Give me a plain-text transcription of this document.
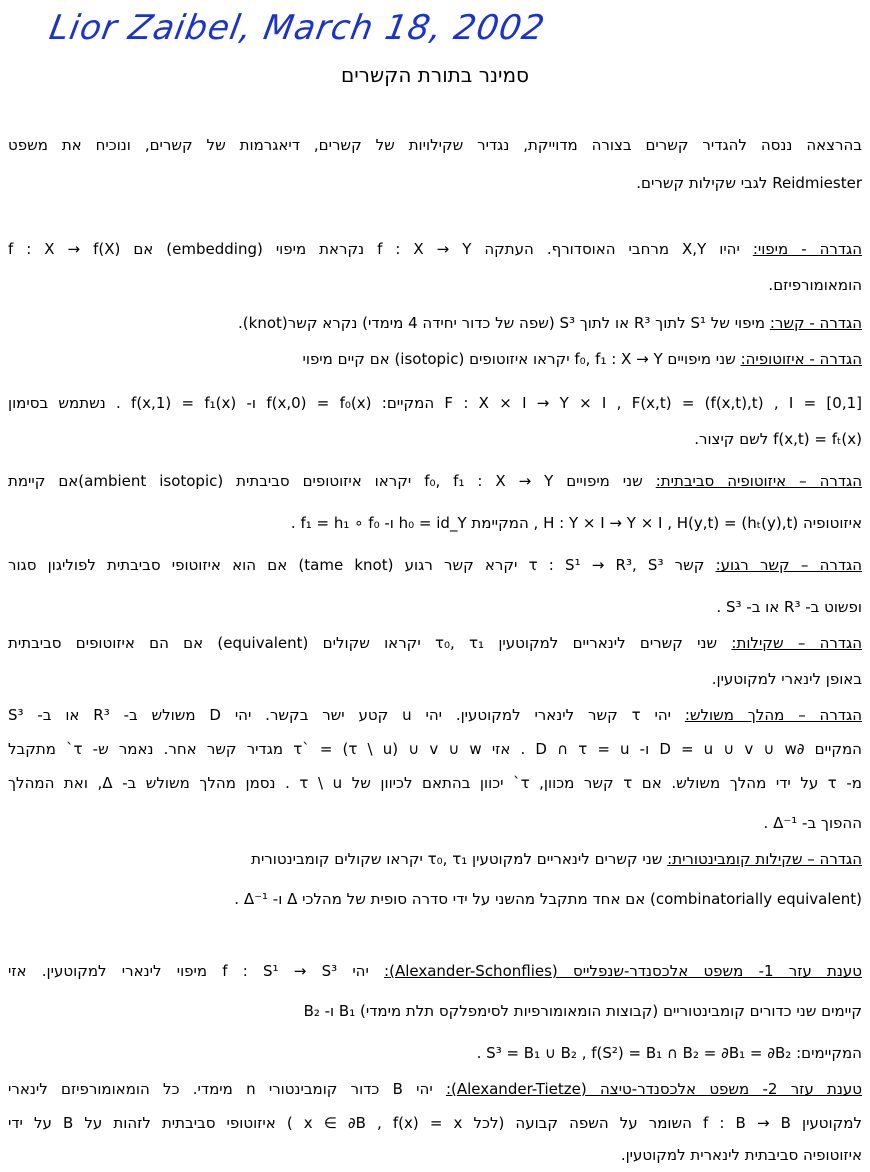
Lior Zaibel, March 18, 2002
סמינר בתורת הקשרים
בהרצאה ננסה להגדיר קשרים בצורה מדוייקת, נגדיר שקילויות של קשרים, דיאגרמות של קשרים, ונוכיח את משפט
Reidmiester לגבי שקילות קשרים.
הגדרה - מיפוי: יהיו X,Y מרחבי האוסדורף. העתקה f : X → Y נקראת מיפוי (embedding) אם f : X → f(X)
הומאומורפיזם.
הגדרה - קשר: מיפוי של S¹ לתוך R³ או לתוך S³ (שפה של כדור יחידה 4 מימדי) נקרא קשר(knot).
הגדרה - איזוטופיה: שני מיפויים f₀, f₁ : X → Y יקראו איזוטופים (isotopic) אם קיים מיפוי
F : X × I → Y × I , F(x,t) = (f(x,t),t) , I = [0,1] המקיים: f(x,0) = f₀(x) ו- f(x,1) = f₁(x) . נשתמש בסימון
f(x,t) = fₜ(x) לשם קיצור.
הגדרה – איזוטופיה סביבתית: שני מיפויים f₀, f₁ : X → Y יקראו איזוטופים סביבתית (ambient isotopic)אם קיימת
איזוטופיה H : Y × I → Y × I , H(y,t) = (hₜ(y),t) , המקיימת h₀ = id_Y ו- f₁ = h₁ ∘ f₀ .
הגדרה – קשר רגוע: קשר τ : S¹ → R³, S³ יקרא קשר רגוע (tame knot) אם הוא איזוטופי סביבתית לפוליגון סגור
ופשוט ב- R³ או ב- S³ .
הגדרה – שקילות: שני קשרים לינאריים למקוטעין τ₀, τ₁ יקראו שקולים (equivalent) אם הם איזוטופים סביבתית
באופן לינארי למקוטעין.
הגדרה – מהלך משולש: יהי τ קשר לינארי למקוטעין. יהי u קטע ישר בקשר. יהי D משולש ב- R³ או ב- S³
המקיים ∂D = u ∪ v ∪ w ו- D ∩ τ = u . אזי τ` = (τ \ u) ∪ v ∪ w מגדיר קשר אחר. נאמר ש- τ` מתקבל
מ- τ על ידי מהלך משולש. אם τ קשר מכוון, τ` יכוון בהתאם לכיוון של τ \ u . נסמן מהלך משולש ב- Δ, ואת המהלך
ההפוך ב- Δ⁻¹ .
הגדרה – שקילות קומבינטורית: שני קשרים לינאריים למקוטעין τ₀, τ₁ יקראו שקולים קומבינטורית
(combinatorially equivalent) אם אחד מתקבל מהשני על ידי סדרה סופית של מהלכי Δ ו- Δ⁻¹ .
טענת עזר 1- משפט אלכסנדר-שנפלייס (Alexander-Schonflies): יהי f : S¹ → S³ מיפוי לינארי למקוטעין. אזי
קיימים שני כדורים קומבינטוריים (קבוצות הומאומורפיות לסימפלקס תלת מימדי) B₁ ו- B₂
המקיימים: S³ = B₁ ∪ B₂ , f(S²) = B₁ ∩ B₂ = ∂B₁ = ∂B₂ .
טענת עזר 2- משפט אלכסנדר-טיצה (Alexander-Tietze): יהי B כדור קומבינטורי n מימדי. כל הומאומורפיזם לינארי
למקוטעין f : B → B השומר על השפה קבועה (לכל x ∈ ∂B , f(x) = x ) איזוטופי סביבתית לזהות על B על ידי
איזוטופיה סביבתית לינארית למקוטעין.
